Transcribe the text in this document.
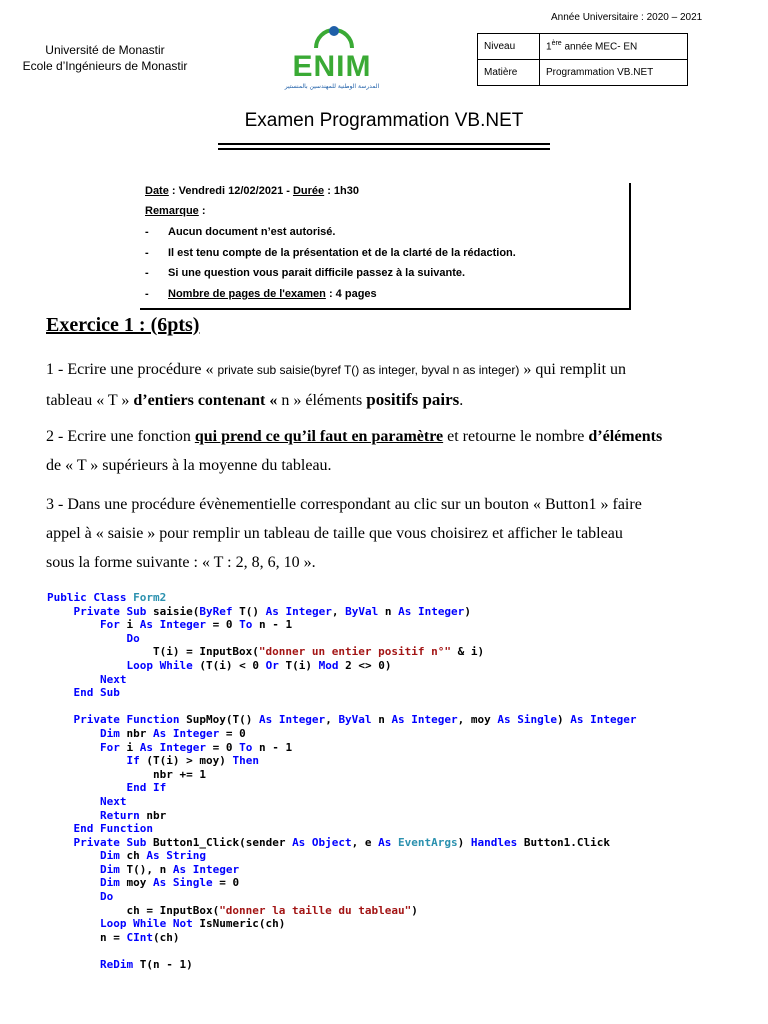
Année Universitaire : 2020 – 2021
Université de Monastir
Ecole d’Ingénieurs de Monastir	ENIM
المدرسة الوطنية للمهندسين بالمنستير
Niveau	1ère année MEC- EN
Matière	Programmation VB.NET
Examen Programmation VB.NET
Date : Vendredi 12/02/2021 - Durée : 1h30
Remarque :
- Aucun document n’est autorisé.
- Il est tenu compte de la présentation et de la clarté de la rédaction.
- Si une question vous parait difficile passez à la suivante.
- Nombre de pages de l'examen : 4 pages
Exercice 1 : (6pts)
1 - Ecrire une procédure « private sub saisie(byref T() as integer, byval n as integer) » qui remplit un
tableau « T » d’entiers contenant « n » éléments positifs pairs.
2 - Ecrire une fonction qui prend ce qu’il faut en paramètre et retourne le nombre d’éléments
de « T » supérieurs à la moyenne du tableau.
3 - Dans une procédure évènementielle correspondant au clic sur un bouton « Button1 » faire
appel à « saisie » pour remplir un tableau de taille que vous choisirez et afficher le tableau
sous la forme suivante : « T : 2, 8, 6, 10 ».
Public Class Form2
Private Sub saisie(ByRef T() As Integer, ByVal n As Integer)
For i As Integer = 0 To n - 1
Do
T(i) = InputBox("donner un entier positif n°" & i)
Loop While (T(i) < 0 Or T(i) Mod 2 <> 0)
Next
End Sub
Private Function SupMoy(T() As Integer, ByVal n As Integer, moy As Single) As Integer
Dim nbr As Integer = 0
For i As Integer = 0 To n - 1
If (T(i) > moy) Then
nbr += 1
End If
Next
Return nbr
End Function
Private Sub Button1_Click(sender As Object, e As EventArgs) Handles Button1.Click
Dim ch As String
Dim T(), n As Integer
Dim moy As Single = 0
Do
ch = InputBox("donner la taille du tableau")
Loop While Not IsNumeric(ch)
n = CInt(ch)
ReDim T(n - 1)
